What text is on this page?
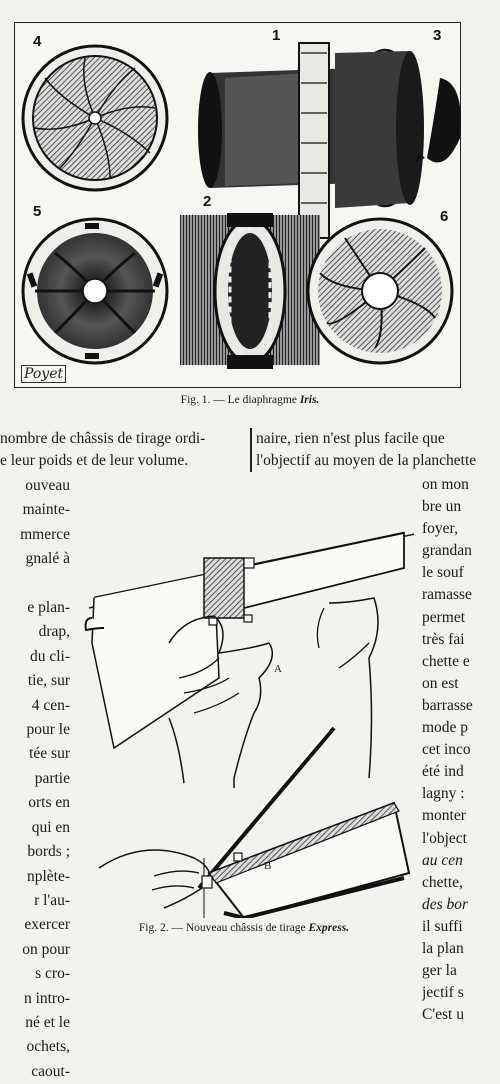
4	1	3
5
2
6
Poyet
Fig. 1. — Le diaphragme Iris.
nombre de châssis de tirage ordi-
e leur poids et de leur volume.
naire, rien n'est plus facile que
l'objectif au moyen de la planchette
ouveau
mainte-
mmerce
gnalé à

e plan-
drap,
du cli-
tie, sur
4 cen-
pour le
tée sur
partie
orts en
qui en
bords ;
nplète-
r l'au-
exercer
on pour
s cro-
n intro-
né et le
ochets,
caout-
on mon
bre un
foyer,
grandan
le souf
ramasse
permet
très fai
chette e
on est
barrasse
mode p
cet inco
été ind
lagny :
monter
l'object
au cen
chette,
des bor
il suffi
la plan
ger la
jectif s
C'est u
A
B
Fig. 2. — Nouveau châssis de tirage Express.
